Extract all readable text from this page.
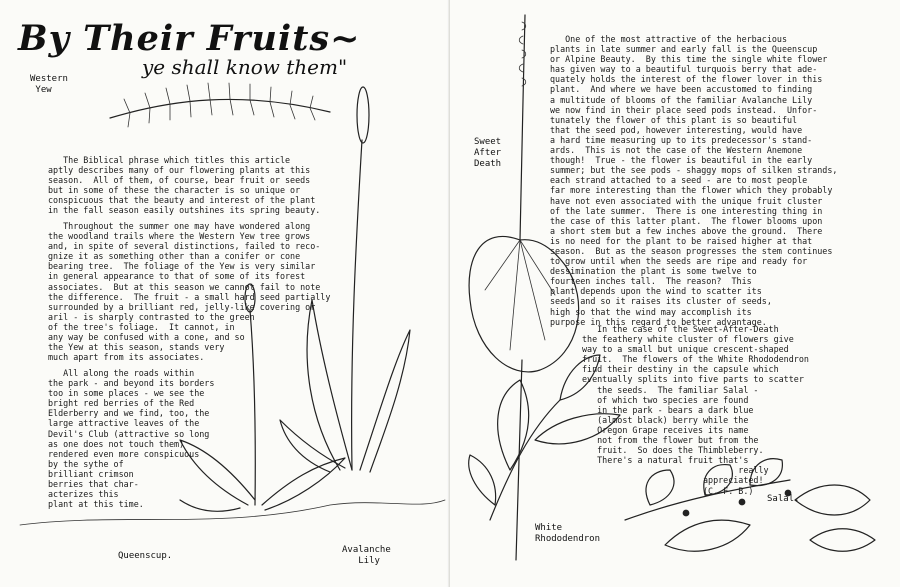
By Their Fruits~
ye shall know them"
Western
Yew
The Biblical phrase which titles this article
aptly describes many of our flowering plants at this
season.  All of them, of course, bear fruit or seeds
but in some of these the character is so unique or
conspicuous that the beauty and interest of the plant
in the fall season easily outshines its spring beauty.
Throughout the summer one may have wondered along
the woodland trails where the Western Yew tree grows
and, in spite of several distinctions, failed to reco-
gnize it as something other than a conifer or cone
bearing tree.  The foliage of the Yew is very similar
in general appearance to that of some of its forest
associates.  But at this season we cannot fail to note
the difference.  The fruit - a small hard seed partially
surrounded by a brilliant red, jelly-like covering or
aril - is sharply contrasted to the green
of the tree's foliage.  It cannot, in
any way be confused with a cone, and so
the Yew at this season, stands very
much apart from its associates.
All along the roads within
the park - and beyond its borders
too in some places - we see the
bright red berries of the Red
Elderberry and we find, too, the
large attractive leaves of the
Devil's Club (attractive so long
as one does not touch them)
rendered even more conspicuous
by the sythe of
brilliant crimson
berries that char-
acterizes this
plant at this time.
Queenscup.
Avalanche
Lily
Sweet
After
Death
One of the most attractive of the herbacious
plants in late summer and early fall is the Queenscup
or Alpine Beauty.  By this time the single white flower
has given way to a beautiful turquois berry that ade-
quately holds the interest of the flower lover in this
plant.  And where we have been accustomed to finding
a multitude of blooms of the familiar Avalanche Lily
we now find in their place seed pods instead.  Unfor-
tunately the flower of this plant is so beautiful
that the seed pod, however interesting, would have
a hard time measuring up to its predecessor's stand-
ards.  This is not the case of the Western Anemone
though!  True - the flower is beautiful in the early
summer; but the see pods - shaggy mops of silken strands,
each strand attached to a seed - are to most people
far more interesting than the flower which they probably
have not even associated with the unique fruit cluster
of the late summer.  There is one interesting thing in
the case of this latter plant.  The flower blooms upon
a short stem but a few inches above the ground.  There
is no need for the plant to be raised higher at that
season.  But as the season progresses the stem continues
to grow until when the seeds are ripe and ready for
dessimination the plant is some twelve to
fourteen inches tall.  The reason?  This
plant depends upon the wind to scatter its
seeds and so it raises its cluster of seeds,
high so that the wind may accomplish its
purpose in this regard to better advantage.
In the case of the Sweet-After-Death
the feathery white cluster of flowers give
way to a small but unique crescent-shaped
fruit.  The flowers of the White Rhododendron
find their destiny in the capsule which
eventually splits into five parts to scatter
the seeds.  The familiar Salal -
of which two species are found
in the park - bears a dark blue
(almost black) berry while the
Oregon Grape receives its name
not from the flower but from the
fruit.  So does the Thimbleberry.
There's a natural fruit that's
really
appreciated!
(C. F. B.)
White
Rhododendron
Salal.
